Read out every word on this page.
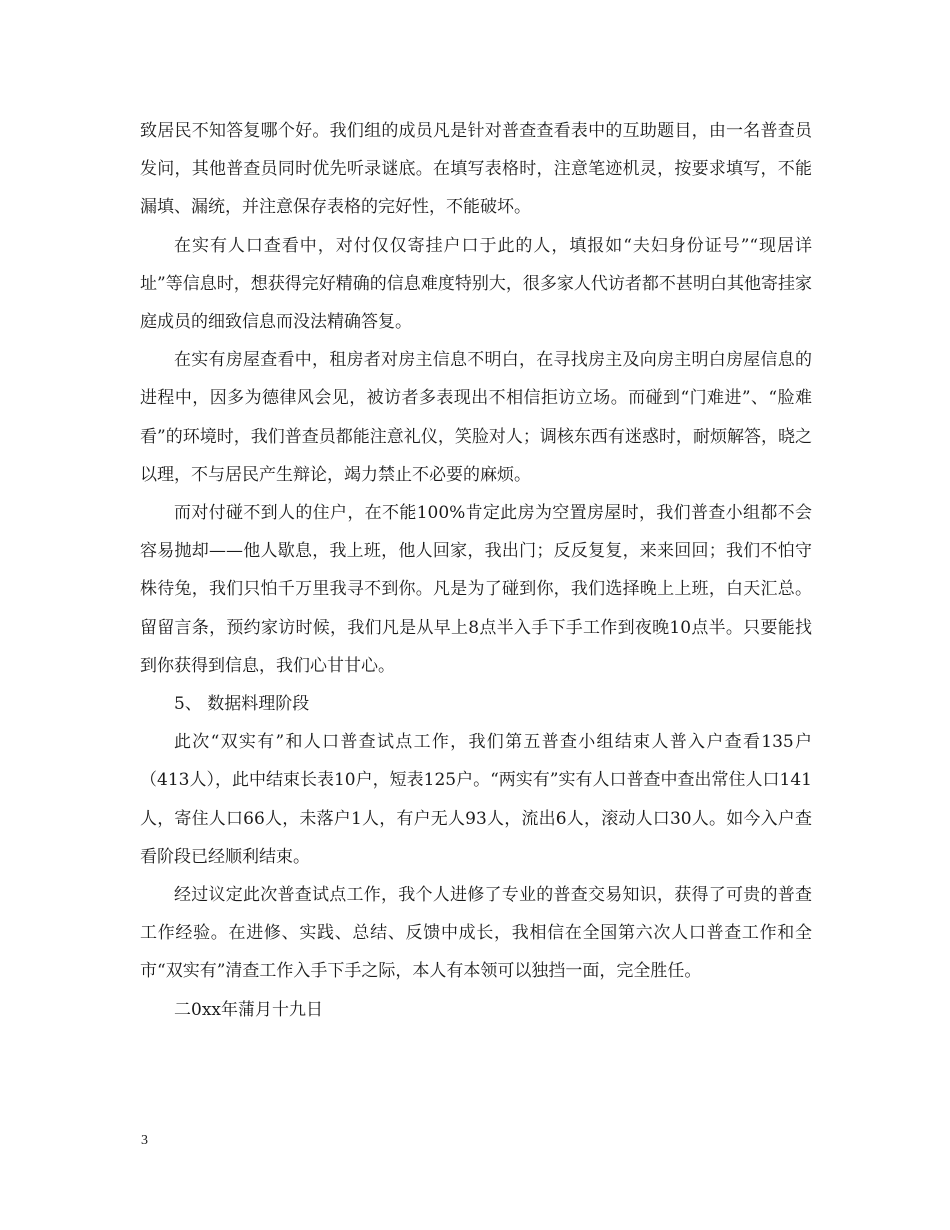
致居民不知答复哪个好。我们组的成员凡是针对普查查看表中的互助题目，由一名普查员发问，其他普查员同时优先听录谜底。在填写表格时，注意笔迹机灵，按要求填写，不能漏填、漏统，并注意保存表格的完好性，不能破坏。

在实有人口查看中，对付仅仅寄挂户口于此的人，填报如“夫妇身份证号”“现居详址”等信息时，想获得完好精确的信息难度特别大，很多家人代访者都不甚明白其他寄挂家庭成员的细致信息而没法精确答复。

在实有房屋查看中，租房者对房主信息不明白，在寻找房主及向房主明白房屋信息的进程中，因多为德律风会见，被访者多表现出不相信拒访立场。而碰到“门难进”、“脸难看”的环境时，我们普查员都能注意礼仪，笑脸对人；调核东西有迷惑时，耐烦解答，晓之以理，不与居民产生辩论，竭力禁止不必要的麻烦。

而对付碰不到人的住户，在不能100%肯定此房为空置房屋时，我们普查小组都不会容易抛却——他人歇息，我上班，他人回家，我出门；反反复复，来来回回；我们不怕守株待兔，我们只怕千万里我寻不到你。凡是为了碰到你，我们选择晚上上班，白天汇总。留留言条，预约家访时候，我们凡是从早上8点半入手下手工作到夜晚10点半。只要能找到你获得到信息，我们心甘甘心。

5、 数据料理阶段

此次“双实有”和人口普查试点工作，我们第五普查小组结束人普入户查看135户（413人），此中结束长表10户，短表125户。“两实有”实有人口普查中查出常住人口141人，寄住人口66人，未落户1人，有户无人93人，流出6人，滚动人口30人。如今入户查看阶段已经顺利结束。

经过议定此次普查试点工作，我个人进修了专业的普查交易知识，获得了可贵的普查工作经验。在进修、实践、总结、反馈中成长，我相信在全国第六次人口普查工作和全市“双实有”清查工作入手下手之际，本人有本领可以独挡一面，完全胜任。

二0xx年蒲月十九日

3
